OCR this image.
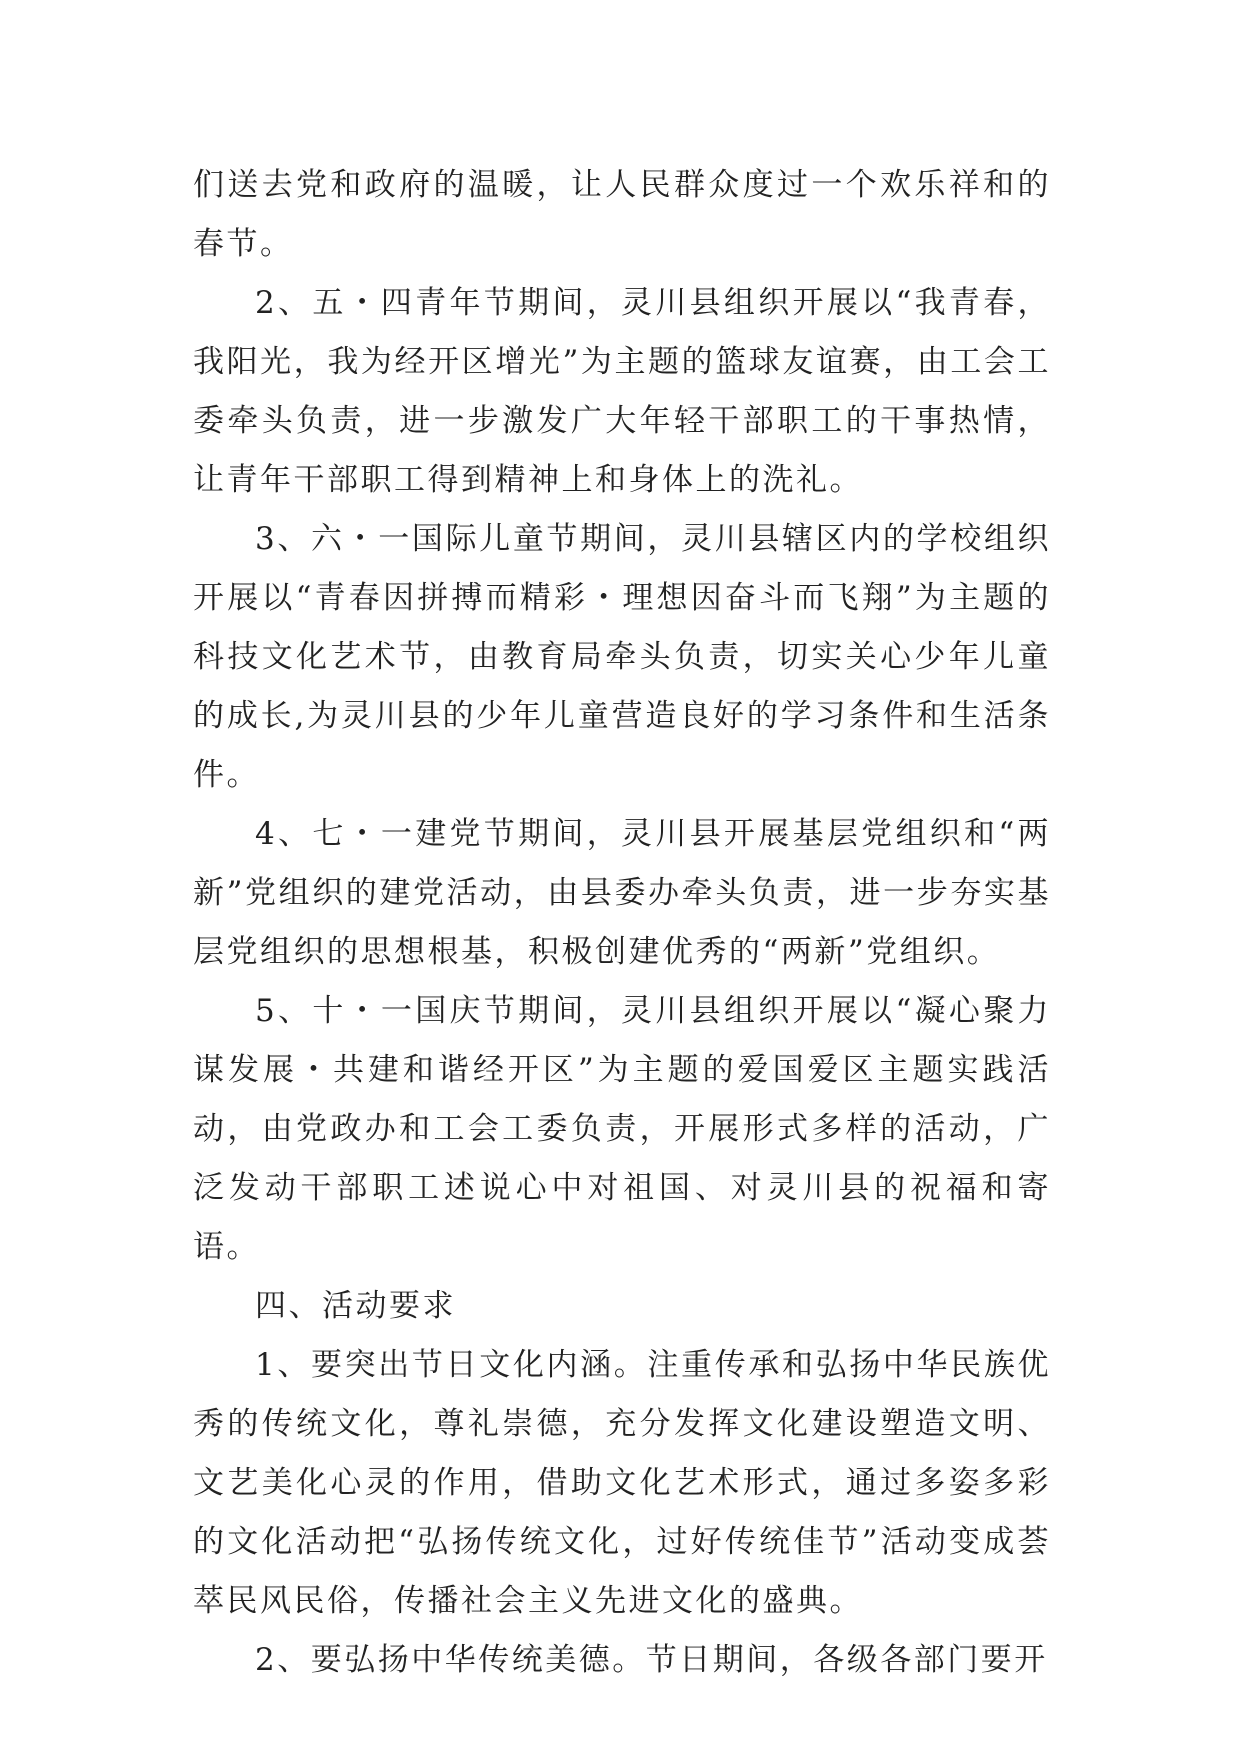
们送去党和政府的温暖，让人民群众度过一个欢乐祥和的春节。

2、五・四青年节期间，灵川县组织开展以“我青春，我阳光，我为经开区增光”为主题的篮球友谊赛，由工会工委牵头负责，进一步激发广大年轻干部职工的干事热情，让青年干部职工得到精神上和身体上的洗礼。

3、六・一国际儿童节期间，灵川县辖区内的学校组织开展以“青春因拼搏而精彩・理想因奋斗而飞翔”为主题的科技文化艺术节，由教育局牵头负责，切实关心少年儿童的成长,为灵川县的少年儿童营造良好的学习条件和生活条件。

4、七・一建党节期间，灵川县开展基层党组织和“两新”党组织的建党活动，由县委办牵头负责，进一步夯实基层党组织的思想根基，积极创建优秀的“两新”党组织。

5、十・一国庆节期间，灵川县组织开展以“凝心聚力谋发展・共建和谐经开区”为主题的爱国爱区主题实践活动，由党政办和工会工委负责，开展形式多样的活动，广泛发动干部职工述说心中对祖国、对灵川县的祝福和寄语。

四、活动要求

1、要突出节日文化内涵。注重传承和弘扬中华民族优秀的传统文化，尊礼崇德，充分发挥文化建设塑造文明、文艺美化心灵的作用，借助文化艺术形式，通过多姿多彩的文化活动把“弘扬传统文化，过好传统佳节”活动变成荟萃民风民俗，传播社会主义先进文化的盛典。

2、要弘扬中华传统美德。节日期间，各级各部门要开
